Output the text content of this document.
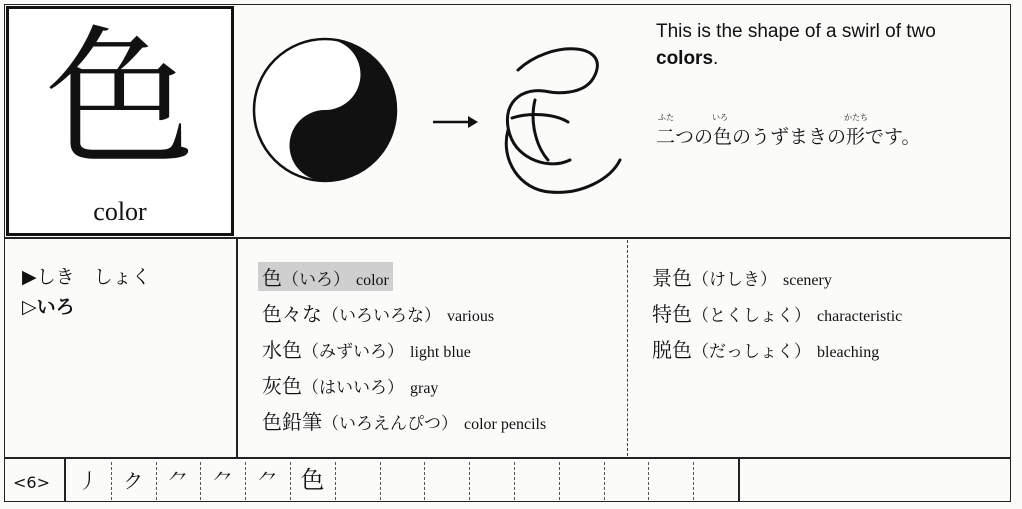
色
color
This is the shape of a swirl of two colors.
ふた	いろ	かたち
二つの色のうずまきの形です。
▶しき　しょく
▷いろ
色（いろ） color
色々な（いろいろな） various
水色（みずいろ） light blue
灰色（はいいろ） gray
色鉛筆（いろえんぴつ） color pencils
景色（けしき） scenery
特色（とくしょく） characteristic
脱色（だっしょく） bleaching
<6>	丿	ク	⺈	⺈	⺈ 色
